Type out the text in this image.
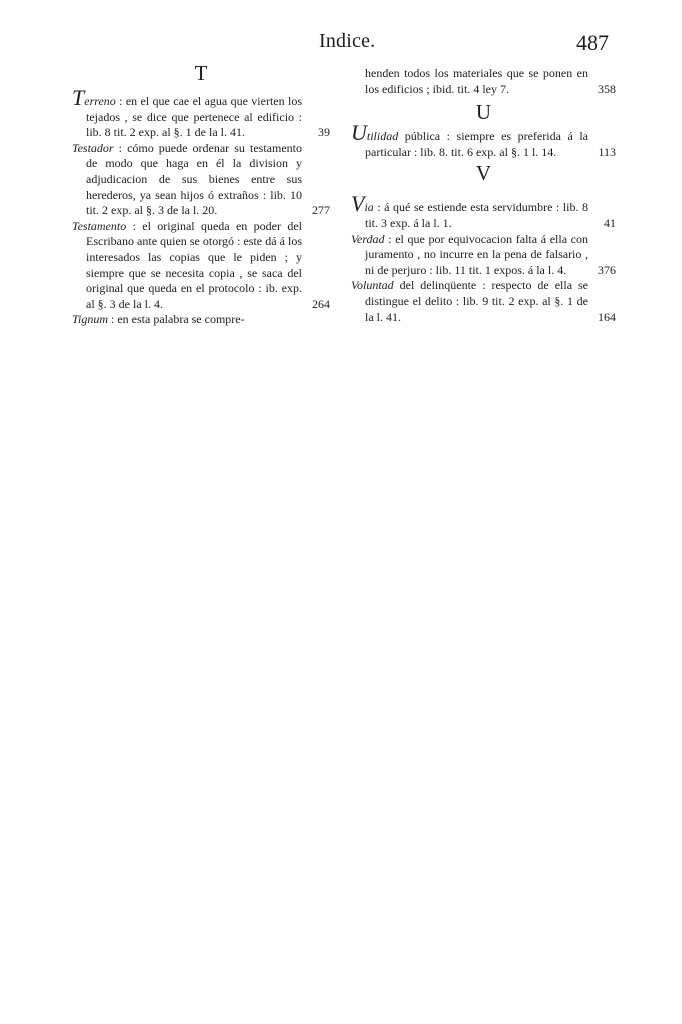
Indice.	487
T
Terreno : en el que cae el agua que vierten los tejados , se dice que pertenece al edificio : lib. 8 tit. 2 exp. al §. 1 de la l. 41.	39
Testador : cómo puede ordenar su testamento de modo que haga en él la division y adjudicacion de sus bienes entre sus herederos, ya sean hijos ó extraños : lib. 10 tit. 2 exp. al §. 3 de la l. 20.	277
Testamento : el original queda en poder del Escribano ante quien se otorgó : este dá á los interesados las copias que le piden ; y siempre que se necesita copia , se saca del original que queda en el protocolo : ib. exp. al §. 3 de la l. 4.	264
Tignum : en esta palabra se compre-
henden todos los materiales que se ponen en los edificios ; ibid. tit. 4 ley 7.	358
U
Utilidad pública : siempre es preferida á la particular : lib. 8. tit. 6 exp. al §. 1 l. 14.	113
V
Via : á qué se estiende esta servidumbre : lib. 8 tit. 3 exp. á la l. 1.	41
Verdad : el que por equivocacion falta á ella con juramento , no incurre en la pena de falsario , ni de perjuro : lib. 11 tit. 1 expos. á la l. 4.	376
Voluntad del delinqüente : respecto de ella se distingue el delito : lib. 9 tit. 2 exp. al §. 1 de la l. 41.	164
